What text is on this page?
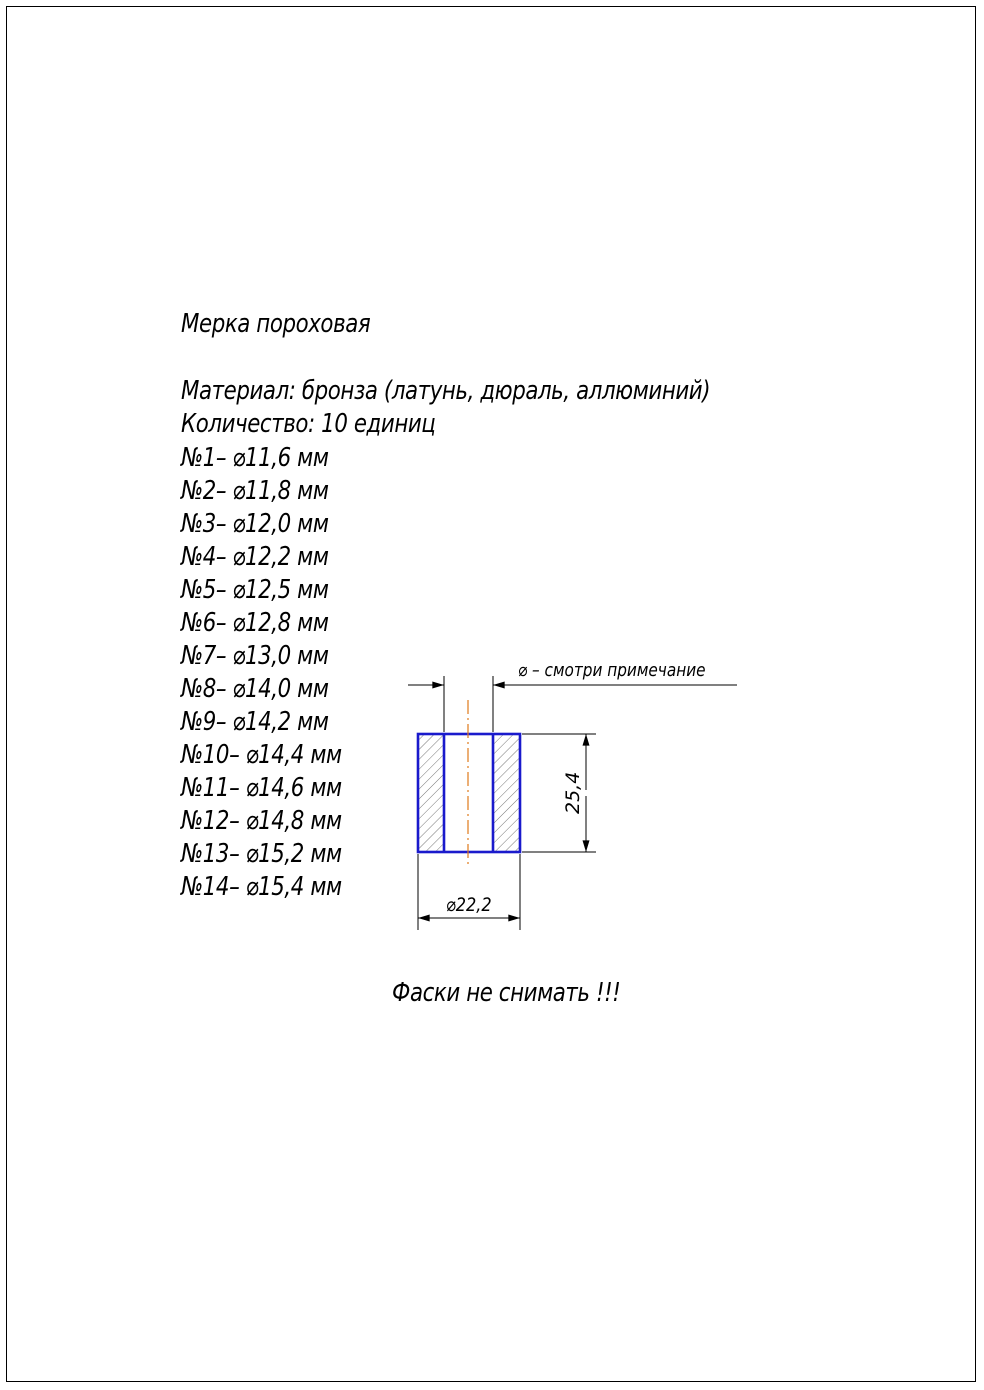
Мерка пороховая
Материал: бронза (латунь, дюраль, аллюминий)
Количество: 10 единиц
№1– ⌀11,6 мм
№2– ⌀11,8 мм
№3– ⌀12,0 мм
№4– ⌀12,2 мм
№5– ⌀12,5 мм
№6– ⌀12,8 мм
№7– ⌀13,0 мм
№8– ⌀14,0 мм
№9– ⌀14,2 мм
№10– ⌀14,4 мм
№11– ⌀14,6 мм
№12– ⌀14,8 мм
№13– ⌀15,2 мм
№14– ⌀15,4 мм
⌀ – смотри примечание
25,4
⌀22,2
Фаски не снимать !!!
